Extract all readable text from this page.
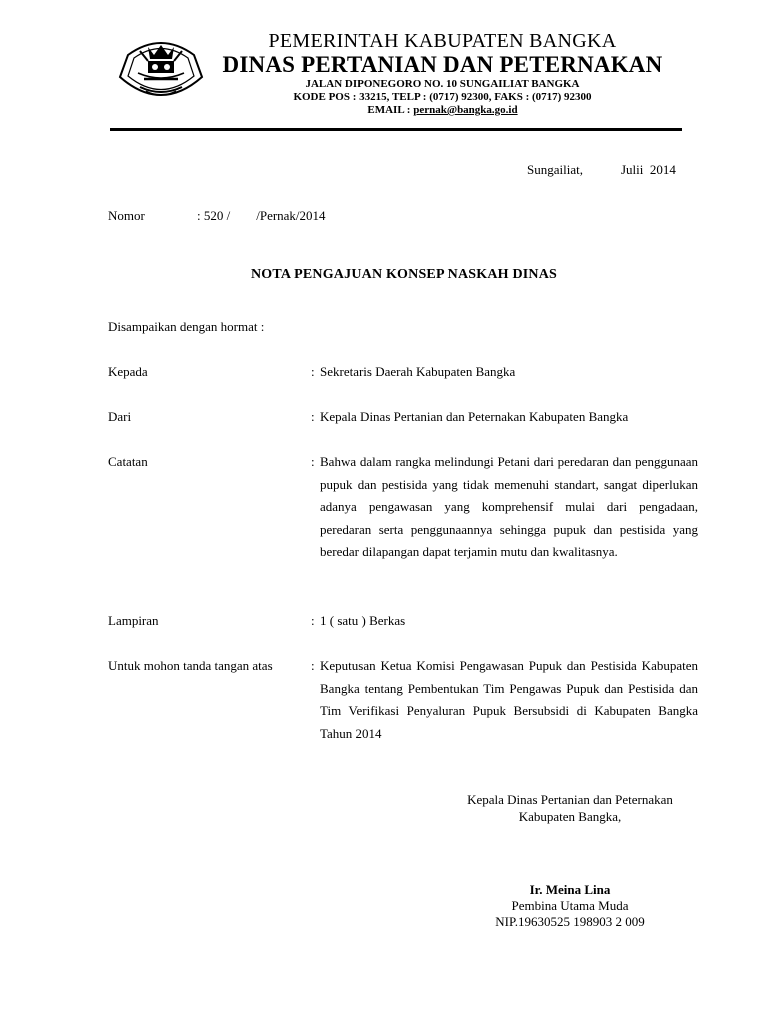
PEMERINTAH KABUPATEN BANGKA
DINAS PERTANIAN DAN PETERNAKAN
JALAN DIPONEGORO NO. 10 SUNGAILIAT BANGKA
KODE POS : 33215, TELP : (0717) 92300, FAKS : (0717) 92300
EMAIL : pernak@bangka.go.id
Sungailiat,	Julii  2014
Nomor	: 520 /        /Pernak/2014
NOTA PENGAJUAN KONSEP NASKAH DINAS
Disampaikan dengan hormat :
Kepada	: Sekretaris Daerah Kabupaten Bangka
Dari	: Kepala Dinas Pertanian dan Peternakan Kabupaten Bangka
Catatan	: Bahwa dalam rangka melindungi Petani dari peredaran dan penggunaan pupuk dan pestisida yang tidak memenuhi standart, sangat diperlukan adanya pengawasan yang komprehensif mulai dari pengadaan, peredaran serta penggunaannya sehingga pupuk dan pestisida yang beredar dilapangan dapat terjamin mutu dan kwalitasnya.
Lampiran	: 1 ( satu ) Berkas
Untuk mohon tanda tangan atas	: Keputusan Ketua Komisi Pengawasan Pupuk dan Pestisida Kabupaten Bangka tentang Pembentukan Tim Pengawas Pupuk dan Pestisida dan Tim Verifikasi Penyaluran Pupuk Bersubsidi di Kabupaten Bangka Tahun 2014
Kepala Dinas Pertanian dan Peternakan
Kabupaten Bangka,
Ir. Meina Lina
Pembina Utama Muda
NIP.19630525 198903 2 009
